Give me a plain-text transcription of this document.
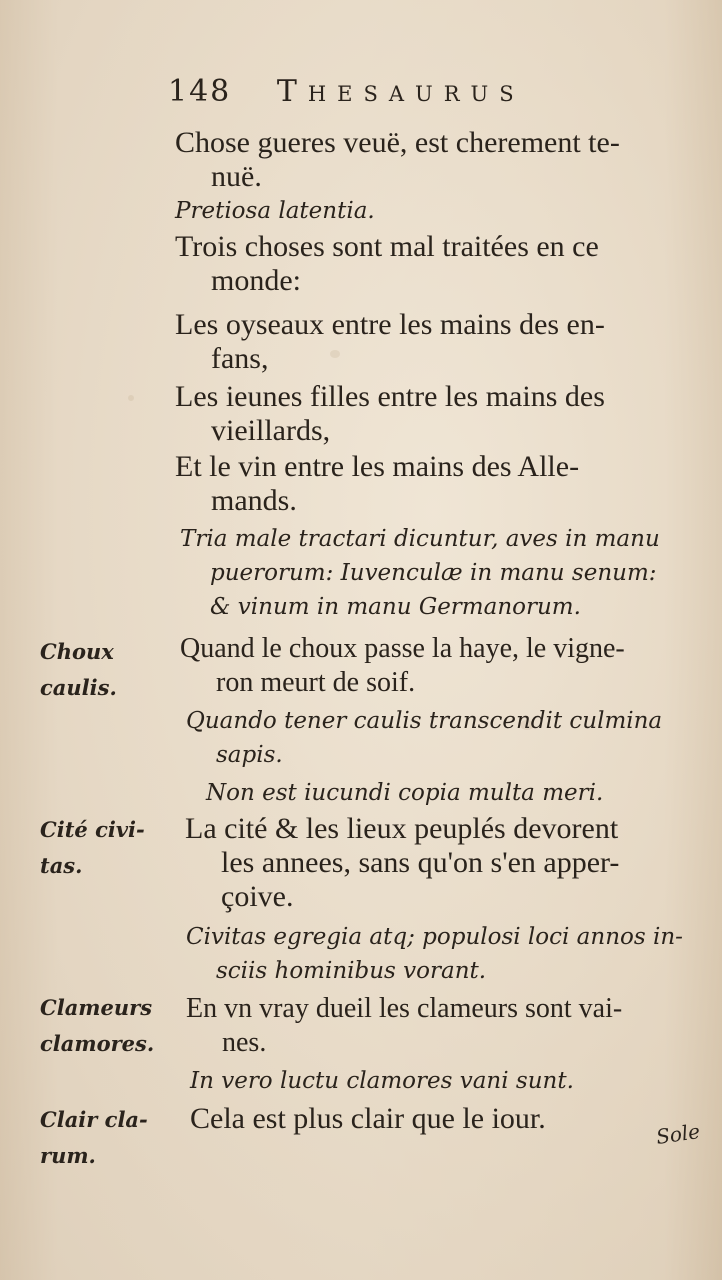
148 Thesaurus
Chose gueres veuë, est cherement te-
nuë.
Pretiosa latentia.
Trois choses sont mal traitées en ce
monde:
Les oyseaux entre les mains des en-
fans,
Les ieunes filles entre les mains des
vieillards,
Et le vin entre les mains des Alle-
mands.
Tria male tractari dicuntur, aves in manu
puerorum: Iuvenculæ in manu senum:
& vinum in manu Germanorum.
Choux
caulis.
Quand le choux passe la haye, le vigne-
ron meurt de soif.
Quando tener caulis transcendit culmina
sapis.
Non est iucundi copia multa meri.
Cité civi-
tas.
La cité & les lieux peuplés devorent
les annees, sans qu'on s'en apper-
çoive.
Civitas egregia atq; populosi loci annos in-
sciis hominibus vorant.
Clameurs
clamores.
En vn vray dueil les clameurs sont vai-
nes.
In vero luctu clamores vani sunt.
Clair cla-
rum.
Cela est plus clair que le iour.	Sole
